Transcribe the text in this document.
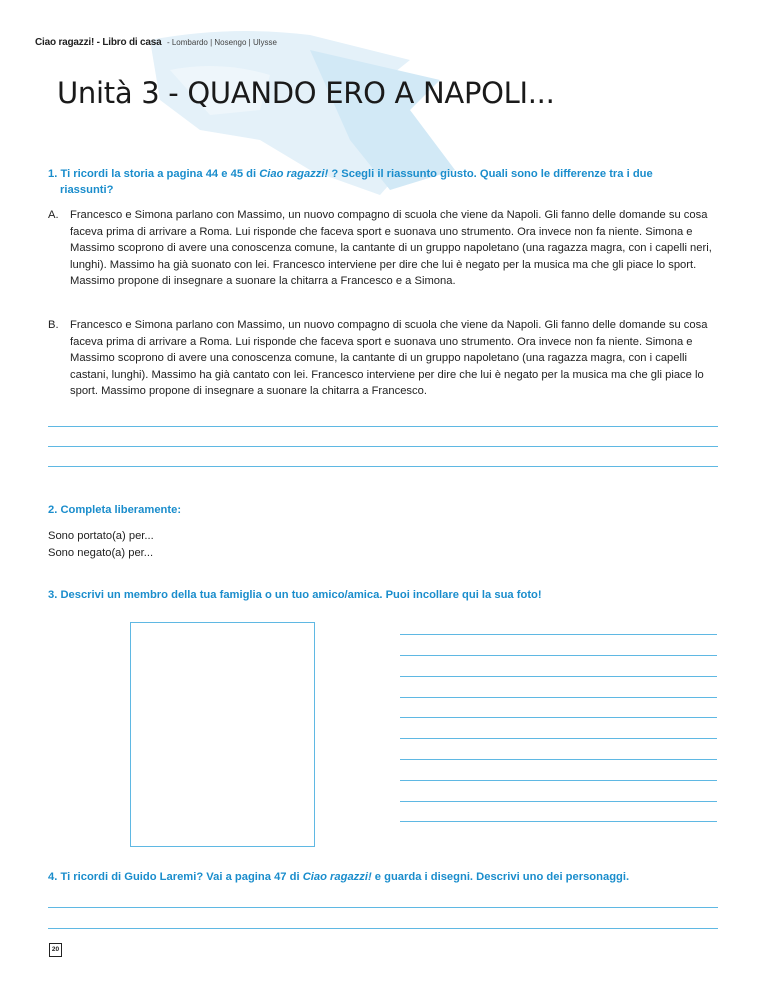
Ciao ragazzi! - Libro di casa - Lombardo | Nosengo | Ulysse
Unità 3 - QUANDO ERO A NAPOLI...
1. Ti ricordi la storia a pagina 44 e 45 di Ciao ragazzi! ? Scegli il riassunto giusto. Quali sono le differenze tra i due
riassunti?
A. Francesco e Simona parlano con Massimo, un nuovo compagno di scuola che viene da Napoli. Gli fanno delle domande su cosa faceva prima di arrivare a Roma. Lui risponde che faceva sport e suonava uno strumento. Ora invece non fa niente. Simona e Massimo scoprono di avere una conoscenza comune, la cantante di un gruppo napoletano (una ragazza magra, con i capelli neri, lunghi). Massimo ha già suonato con lei. Francesco interviene per dire che lui è negato per la musica ma che gli piace lo sport. Massimo propone di insegnare a suonare la chitarra a Francesco e a Simona.
B. Francesco e Simona parlano con Massimo, un nuovo compagno di scuola che viene da Napoli. Gli fanno delle domande su cosa faceva prima di arrivare a Roma. Lui risponde che faceva sport e suonava uno strumento. Ora invece non fa niente. Simona e Massimo scoprono di avere una conoscenza comune, la cantante di un gruppo napoletano (una ragazza magra, con i capelli castani, lunghi). Massimo ha già cantato con lei. Francesco interviene per dire che lui è negato per la musica ma che gli piace lo sport. Massimo propone di insegnare a suonare la chitarra a Francesco.
2. Completa liberamente:
Sono portato(a) per...
Sono negato(a) per...
3. Descrivi un membro della tua famiglia o un tuo amico/amica. Puoi incollare qui la sua foto!
4. Ti ricordi di Guido Laremi? Vai a pagina 47 di Ciao ragazzi! e guarda i disegni. Descrivi uno dei personaggi.
20
